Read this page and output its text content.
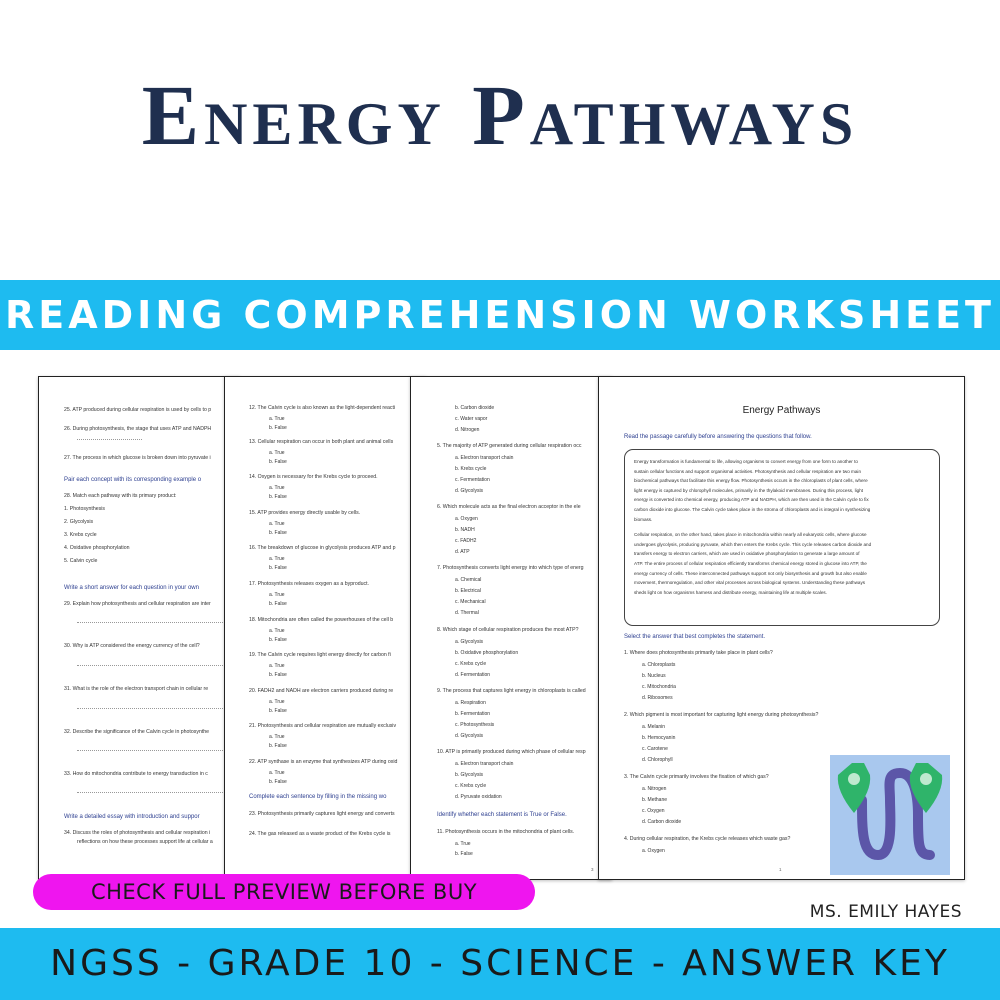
Energy Pathways
READING COMPREHENSION WORKSHEET
25. ATP produced during cellular respiration is used by cells to p
26. During photosynthesis, the stage that uses ATP and NADPH
27. The process in which glucose is broken down into pyruvate i
Pair each concept with its corresponding example o
28. Match each pathway with its primary product:
1. Photosynthesis
2. Glycolysis
3. Krebs cycle
4. Oxidative phosphorylation
5. Calvin cycle
Write a short answer for each question in your own
29. Explain how photosynthesis and cellular respiration are inter
30. Why is ATP considered the energy currency of the cell?
31. What is the role of the electron transport chain in cellular re
32. Describe the significance of the Calvin cycle in photosynthe
33. How do mitochondria contribute to energy transduction in c
Write a detailed essay with introduction and suppor
34. Discuss the roles of photosynthesis and cellular respiration i
reflections on how these processes support life at cellular a
12. The Calvin cycle is also known as the light-dependent reacti
a. True
b. False
13. Cellular respiration can occur in both plant and animal cells
a. True
b. False
14. Oxygen is necessary for the Krebs cycle to proceed.
a. True
b. False
15. ATP provides energy directly usable by cells.
a. True
b. False
16. The breakdown of glucose in glycolysis produces ATP and p
a. True
b. False
17. Photosynthesis releases oxygen as a byproduct.
a. True
b. False
18. Mitochondria are often called the powerhouses of the cell b
a. True
b. False
19. The Calvin cycle requires light energy directly for carbon fi
a. True
b. False
20. FADH2 and NADH are electron carriers produced during re
a. True
b. False
21. Photosynthesis and cellular respiration are mutually exclusiv
a. True
b. False
22. ATP synthase is an enzyme that synthesizes ATP during oxid
a. True
b. False
Complete each sentence by filling in the missing wo
23. Photosynthesis primarily captures light energy and converts
24. The gas released as a waste product of the Krebs cycle is
b. Carbon dioxide
c. Water vapor
d. Nitrogen
5. The majority of ATP generated during cellular respiration occ
a. Electron transport chain
b. Krebs cycle
c. Fermentation
d. Glycolysis
6. Which molecule acts as the final electron acceptor in the ele
a. Oxygen
b. NADH
c. FADH2
d. ATP
7. Photosynthesis converts light energy into which type of energ
a. Chemical
b. Electrical
c. Mechanical
d. Thermal
8. Which stage of cellular respiration produces the most ATP?
a. Glycolysis
b. Oxidative phosphorylation
c. Krebs cycle
d. Fermentation
9. The process that captures light energy in chloroplasts is called
a. Respiration
b. Fermentation
c. Photosynthesis
d. Glycolysis
10. ATP is primarily produced during which phase of cellular resp
a. Electron transport chain
b. Glycolysis
c. Krebs cycle
d. Pyruvate oxidation
Identify whether each statement is True or False.
11. Photosynthesis occurs in the mitochondria of plant cells.
a. True
b. False
3
Energy Pathways
Read the passage carefully before answering the questions that follow.
Energy transformation is fundamental to life, allowing organisms to convert energy from one form to another to
sustain cellular functions and support organismal activities. Photosynthesis and cellular respiration are two main
biochemical pathways that facilitate this energy flow. Photosynthesis occurs in the chloroplasts of plant cells, where
light energy is captured by chlorophyll molecules, primarily in the thylakoid membranes. During this process, light
energy is converted into chemical energy, producing ATP and NADPH, which are then used in the Calvin cycle to fix
carbon dioxide into glucose. The Calvin cycle takes place in the stroma of chloroplasts and is integral in synthesizing
biomass.
Cellular respiration, on the other hand, takes place in mitochondria within nearly all eukaryotic cells, where glucose
undergoes glycolysis, producing pyruvate, which then enters the Krebs cycle. This cycle releases carbon dioxide and
transfers energy to electron carriers, which are used in oxidative phosphorylation to generate a large amount of
ATP. The entire process of cellular respiration efficiently transforms chemical energy stored in glucose into ATP, the
energy currency of cells. These interconnected pathways support not only biosynthesis and growth but also enable
movement, thermoregulation, and other vital processes across biological systems. Understanding these pathways
sheds light on how organisms harness and distribute energy, maintaining life at multiple scales.
Select the answer that best completes the statement.
1. Where does photosynthesis primarily take place in plant cells?
a. Chloroplasts
b. Nucleus
c. Mitochondria
d. Ribosomes
2. Which pigment is most important for capturing light energy during photosynthesis?
a. Melanin
b. Hemocyanin
c. Carotene
d. Chlorophyll
3. The Calvin cycle primarily involves the fixation of which gas?
a. Nitrogen
b. Methane
c. Oxygen
d. Carbon dioxide
4. During cellular respiration, the Krebs cycle releases which waste gas?
a. Oxygen
1
CHECK FULL PREVIEW BEFORE BUY
MS. EMILY HAYES
NGSS - GRADE 10 - SCIENCE - ANSWER KEY
